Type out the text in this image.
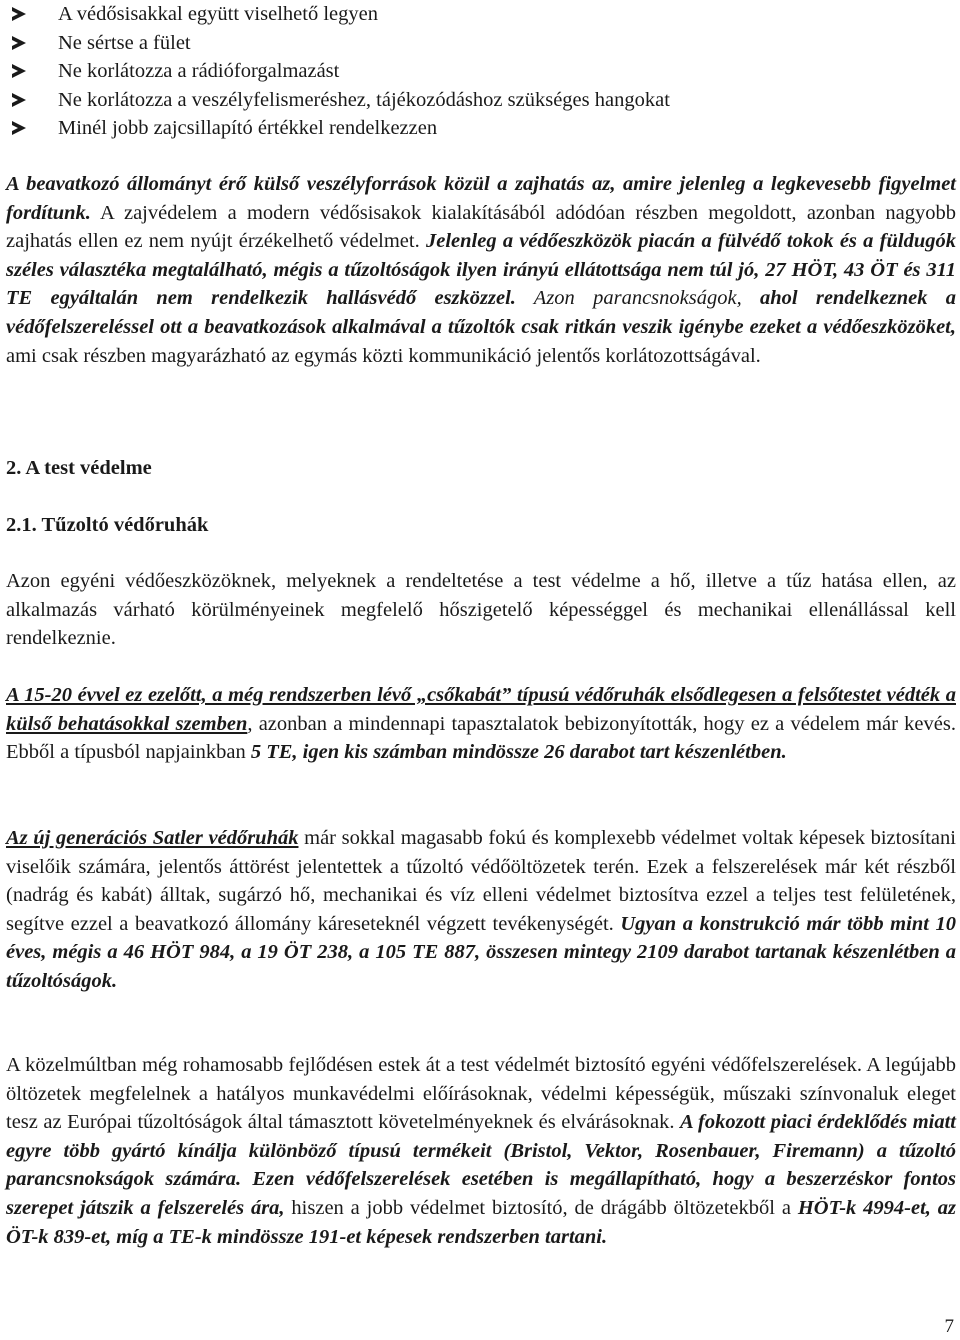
A védősisakkal együtt viselhető legyen
Ne sértse a fület
Ne korlátozza a rádióforgalmazást
Ne korlátozza a veszélyfelismeréshez, tájékozódáshoz szükséges hangokat
Minél jobb zajcsillapító értékkel rendelkezzen

A beavatkozó állományt érő külső veszélyforrások közül a zajhatás az, amire jelenleg a legkevesebb figyelmet fordítunk. A zajvédelem a modern védősisakok kialakításából adódóan részben megoldott, azonban nagyobb zajhatás ellen ez nem nyújt érzékelhető védelmet. Jelenleg a védőeszközök piacán a fülvédő tokok és a füldugók széles választéka megtalálható, mégis a tűzoltóságok ilyen irányú ellátottsága nem túl jó, 27 HÖT, 43 ÖT és 311 TE egyáltalán nem rendelkezik hallásvédő eszközzel. Azon parancsnokságok, ahol rendelkeznek a védőfelszereléssel ott a beavatkozások alkalmával a tűzoltók csak ritkán veszik igénybe ezeket a védőeszközöket, ami csak részben magyarázható az egymás közti kommunikáció jelentős korlátozottságával.

2. A test védelme
2.1. Tűzoltó védőruhák

Azon egyéni védőeszközöknek, melyeknek a rendeltetése a test védelme a hő, illetve a tűz hatása ellen, az alkalmazás várható körülményeinek megfelelő hőszigetelő képességgel és mechanikai ellenállással kell rendelkeznie.

A 15-20 évvel ez ezelőtt, a még rendszerben lévő „csőkabát” típusú védőruhák elsődlegesen a felsőtestet védték a külső behatásokkal szemben, azonban a mindennapi tapasztalatok bebizonyították, hogy ez a védelem már kevés. Ebből a típusból napjainkban 5 TE, igen kis számban mindössze 26 darabot tart készenlétben.

Az új generációs Satler védőruhák már sokkal magasabb fokú és komplexebb védelmet voltak képesek biztosítani viselőik számára, jelentős áttörést jelentettek a tűzoltó védőöltözetek terén. Ezek a felszerelések már két részből (nadrág és kabát) álltak, sugárzó hő, mechanikai és víz elleni védelmet biztosítva ezzel a teljes test felületének, segítve ezzel a beavatkozó állomány káreseteknél végzett tevékenységét. Ugyan a konstrukció már több mint 10 éves, mégis a 46 HÖT 984, a 19 ÖT 238, a 105 TE 887, összesen mintegy 2109 darabot tartanak készenlétben a tűzoltóságok.

A közelmúltban még rohamosabb fejlődésen estek át a test védelmét biztosító egyéni védőfelszerelések. A legújabb öltözetek megfelelnek a hatályos munkavédelmi előírásoknak, védelmi képességük, műszaki színvonaluk eleget tesz az Európai tűzoltóságok által támasztott követelményeknek és elvárásoknak. A fokozott piaci érdeklődés miatt egyre több gyártó kínálja különböző típusú termékeit (Bristol, Vektor, Rosenbauer, Firemann) a tűzoltó parancsnokságok számára. Ezen védőfelszerelések esetében is megállapítható, hogy a beszerzéskor fontos szerepet játszik a felszerelés ára, hiszen a jobb védelmet biztosító, de drágább öltözetekből a HÖT-k 4994-et, az ÖT-k 839-et, míg a TE-k mindössze 191-et képesek rendszerben tartani.

7
